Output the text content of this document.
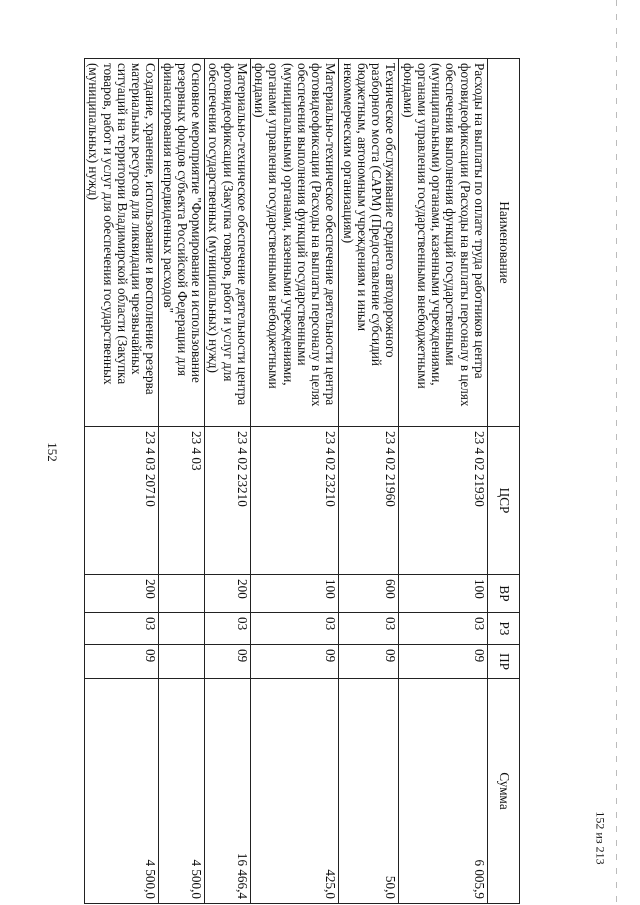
152
152 из 213
Наименование	ЦСР	ВР	РЗ	ПР	Сумма
Расходы на выплаты по оплате труда работников центра фотовидеофиксации (Расходы на выплаты персоналу в целях обеспечения выполнения функций государственными (муниципальными) органами, казенными учреждениями, органами управления государственными внебюджетными фондами)	23 4 02 21930	100	03	09	6 005,9
Техническое обслуживание среднего автодорожного разборного моста (САРМ) (Предоставление субсидий бюджетным, автономным учреждениям и иным некоммерческим организациям)	23 4 02 21960	600	03	09	50,0
Материально-техническое обеспечение деятельности центра фотовидеофиксации (Расходы на выплаты персоналу в целях обеспечения выполнения функций государственными (муниципальными) органами, казенными учреждениями, органами управления государственными внебюджетными фондами)	23 4 02 23210	100	03	09	425,0
Материально-техническое обеспечение деятельности центра фотовидеофиксации (Закупка товаров, работ и услуг для обеспечения государственных (муниципальных) нужд)	23 4 02 23210	200	03	09	16 466,4
Основное мероприятие "Формирование и использование резервных фондов субъекта Российской Федерации для финансирования непредвиденных расходов"	23 4 03				4 500,0
Создание, хранение, использование и восполнение резерва материальных ресурсов для ликвидации чрезвычайных ситуаций на территории Владимирской области (Закупка товаров, работ и услуг для обеспечения государственных (муниципальных) нужд)	23 4 03 20710	200	03	09	4 500,0
